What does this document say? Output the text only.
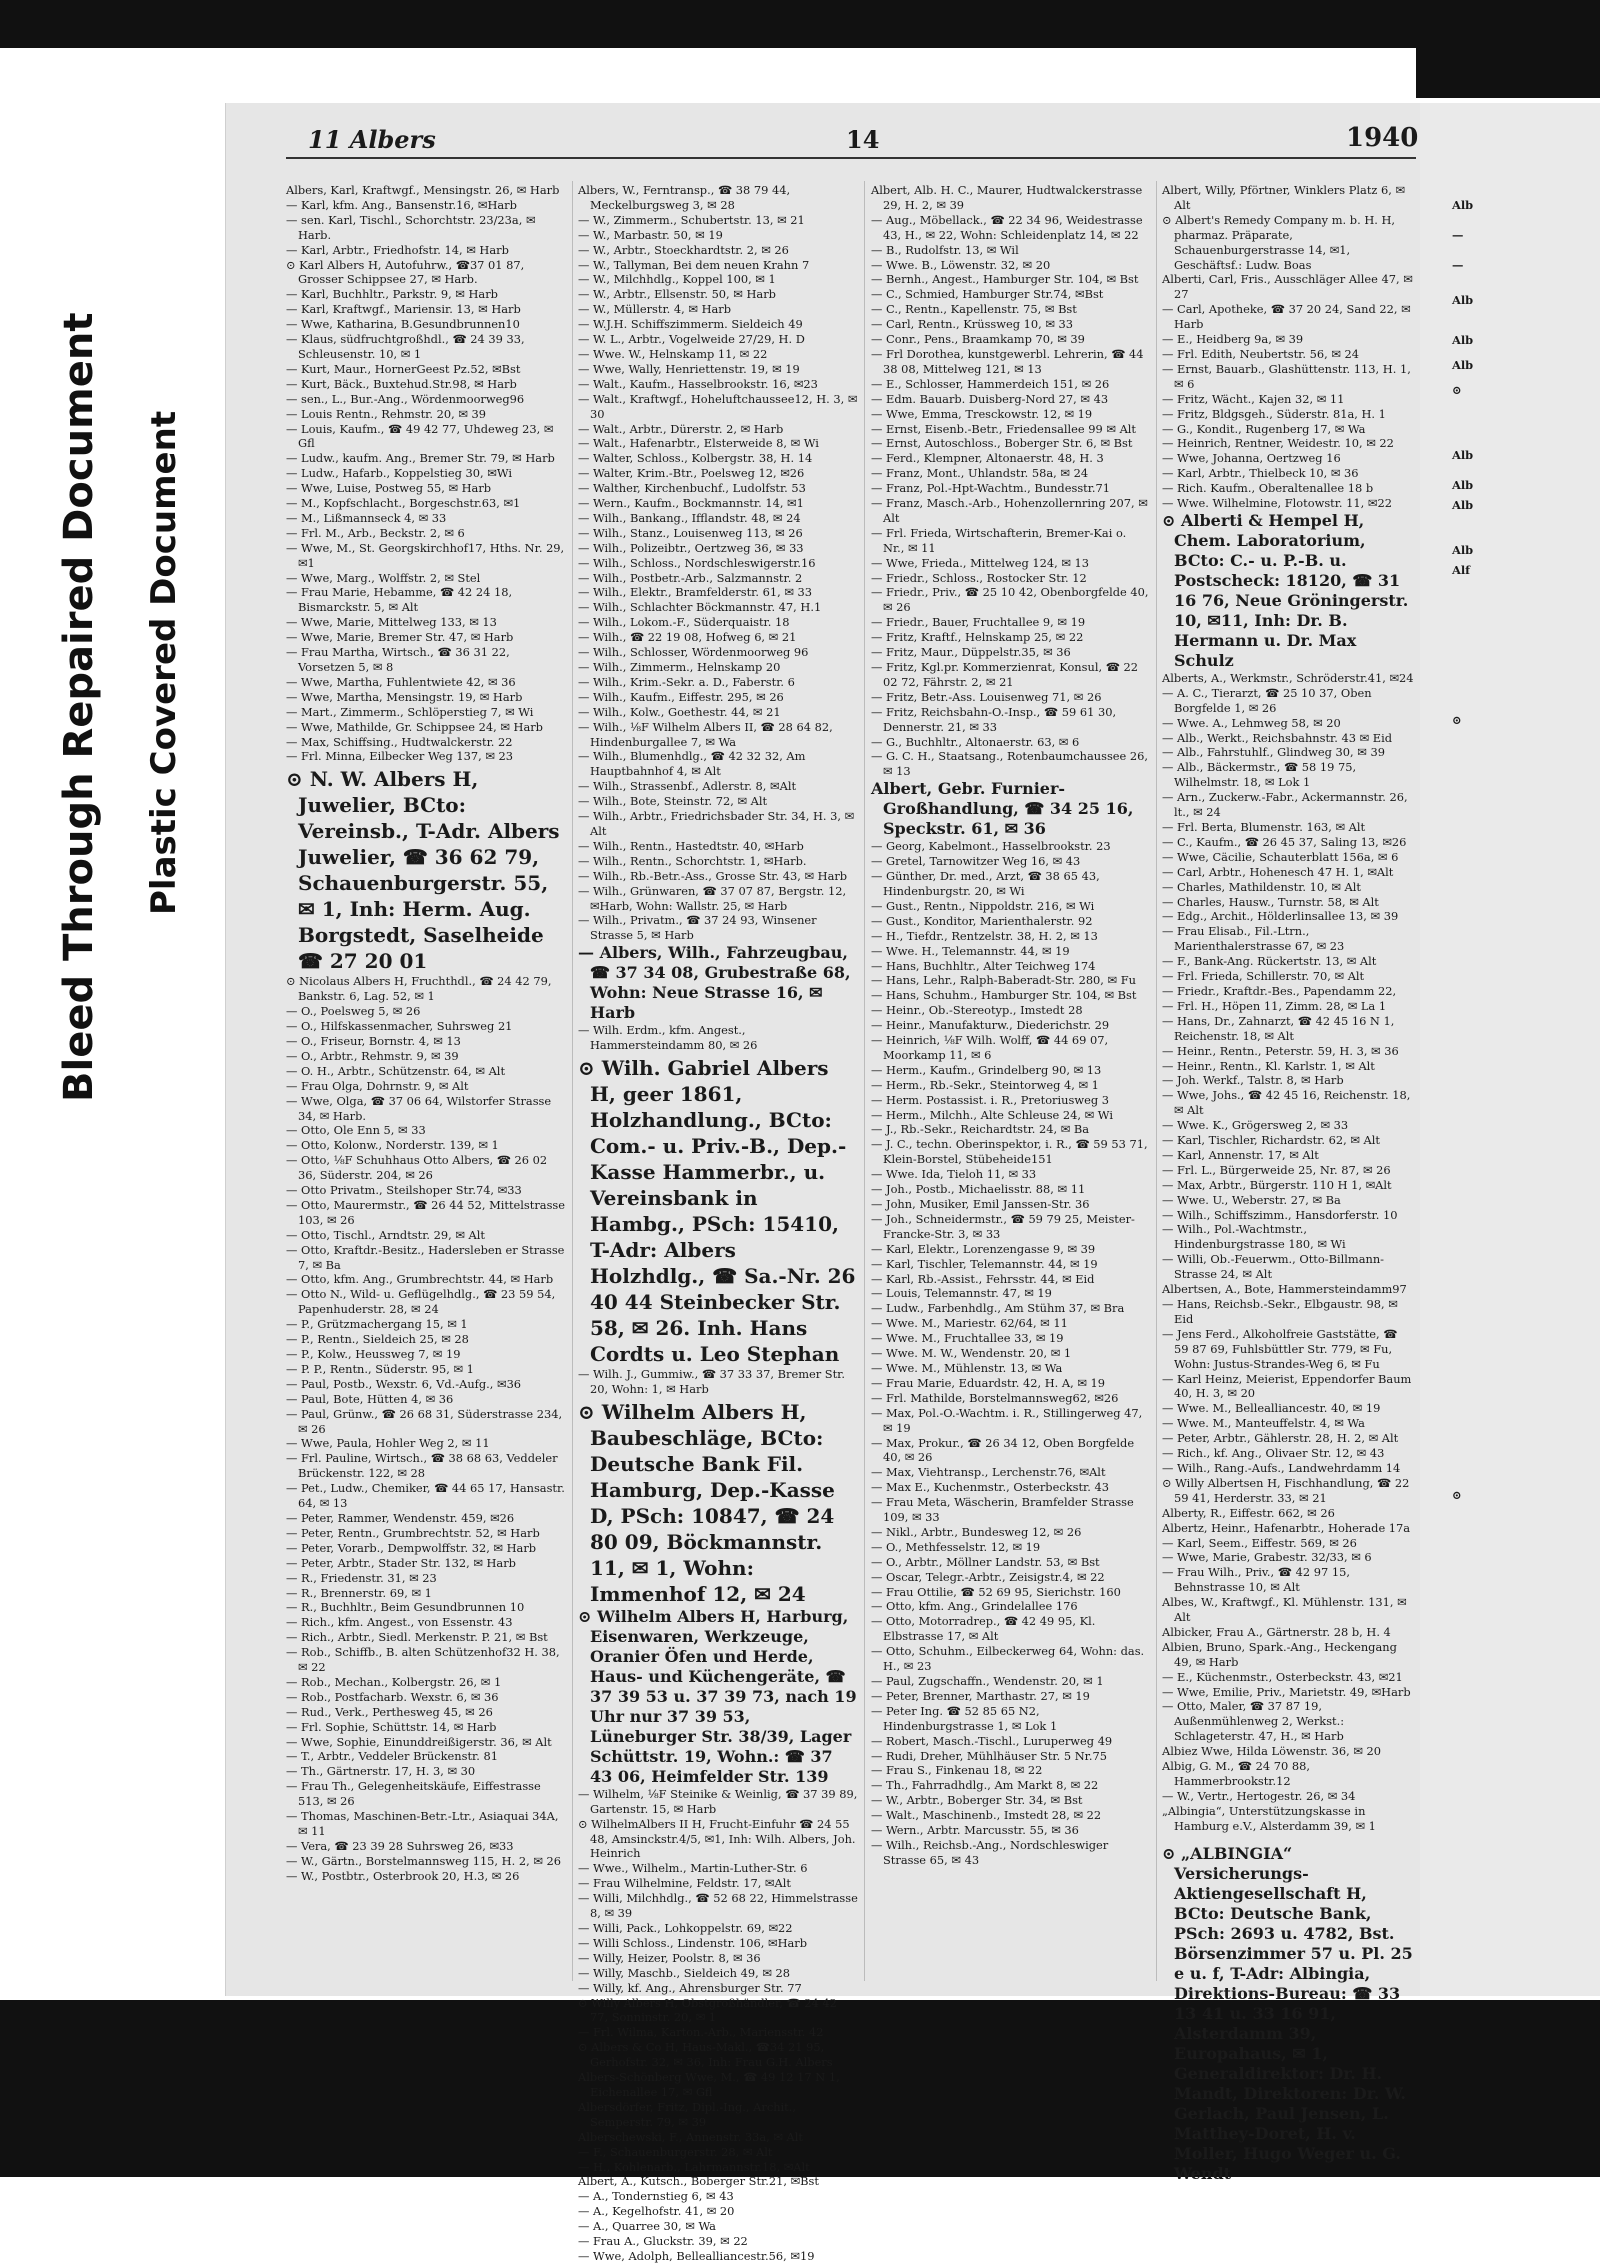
Bleed Through Repaired Document Plastic Covered Document
11 Albers	14	1940

Albers, Karl, Kraftwgf., Mensingstr. 26, ✉ Harb

— Karl, kfm. Ang., Bansenstr.16, ✉Harb

— sen. Karl, Tischl., Schorchtstr. 23/23a, ✉ Harb.

— Karl, Arbtr., Friedhofstr. 14, ✉ Harb

⊙ Karl Albers H, Autofuhrw., ☎37 01 87, Grosser Schippsee 27, ✉ Harb.

— Karl, Buchhltr., Parkstr. 9, ✉ Harb

— Karl, Kraftwgf., Mariensir. 13, ✉ Harb

— Wwe, Katharina, B.Gesundbrunnen10

— Klaus, südfruchtgroßhdl., ☎ 24 39 33, Schleusenstr. 10, ✉ 1

— Kurt, Maur., HornerGeest Pz.52, ✉Bst

— Kurt, Bäck., Buxtehud.Str.98, ✉ Harb

— sen., L., Bur.-Ang., Wördenmoorweg96

— Louis Rentn., Rehmstr. 20, ✉ 39

— Louis, Kaufm., ☎ 49 42 77, Uhdeweg 23, ✉ Gfl

— Ludw., kaufm. Ang., Bremer Str. 79, ✉ Harb

— Ludw., Hafarb., Koppelstieg 30, ✉Wi

— Wwe, Luise, Postweg 55, ✉ Harb

— M., Kopfschlacht., Borgeschstr.63, ✉1

— M., Lißmannseck 4, ✉ 33

— Frl. M., Arb., Beckstr. 2, ✉ 6

— Wwe, M., St. Georgskirchhof17, Hths. Nr. 29, ✉1

— Wwe, Marg., Wolffstr. 2, ✉ Stel

— Frau Marie, Hebamme, ☎ 42 24 18, Bismarckstr. 5, ✉ Alt

— Wwe, Marie, Mittelweg 133, ✉ 13

— Wwe, Marie, Bremer Str. 47, ✉ Harb

— Frau Martha, Wirtsch., ☎ 36 31 22, Vorsetzen 5, ✉ 8

— Wwe, Martha, Fuhlentwiete 42, ✉ 36

— Wwe, Martha, Mensingstr. 19, ✉ Harb

— Mart., Zimmerm., Schlöperstieg 7, ✉ Wi

— Wwe, Mathilde, Gr. Schippsee 24, ✉ Harb

— Max, Schiffsing., Hudtwalckerstr. 22

— Frl. Minna, Eilbecker Weg 137, ✉ 23

⊙ N. W. Albers H, Juwelier, BCto: Vereinsb., T-Adr. Albers Juwelier, ☎ 36 62 79, Schauenburgerstr. 55, ✉ 1, Inh: Herm. Aug. Borgstedt, Saselheide ☎ 27 20 01

⊙ Nicolaus Albers H, Fruchthdl., ☎ 24 42 79, Bankstr. 6, Lag. 52, ✉ 1

— O., Poelsweg 5, ✉ 26

— O., Hilfskassenmacher, Suhrsweg 21

— O., Friseur, Bornstr. 4, ✉ 13

— O., Arbtr., Rehmstr. 9, ✉ 39

— O. H., Arbtr., Schützenstr. 64, ✉ Alt

— Frau Olga, Dohrnstr. 9, ✉ Alt

— Wwe, Olga, ☎ 37 06 64, Wilstorfer Strasse 34, ✉ Harb.

— Otto, Ole Enn 5, ✉ 33

— Otto, Kolonw., Norderstr. 139, ✉ 1

— Otto, ⅛F Schuhhaus Otto Albers, ☎ 26 02 36, Süderstr. 204, ✉ 26

— Otto Privatm., Steilshoper Str.74, ✉33

— Otto, Maurermstr., ☎ 26 44 52, Mittelstrasse 103, ✉ 26

— Otto, Tischl., Arndtstr. 29, ✉ Alt

— Otto, Kraftdr.-Besitz., Hadersleben er Strasse 7, ✉ Ba

— Otto, kfm. Ang., Grumbrechtstr. 44, ✉ Harb

— Otto N., Wild- u. Geflügelhdlg., ☎ 23 59 54, Papenhuderstr. 28, ✉ 24

— P., Grützmachergang 15, ✉ 1

— P., Rentn., Sieldeich 25, ✉ 28

— P., Kolw., Heussweg 7, ✉ 19

— P. P., Rentn., Süderstr. 95, ✉ 1

— Paul, Postb., Wexstr. 6, Vd.-Aufg., ✉36

— Paul, Bote, Hütten 4, ✉ 36

— Paul, Grünw., ☎ 26 68 31, Süderstrasse 234, ✉ 26

— Wwe, Paula, Hohler Weg 2, ✉ 11

— Frl. Pauline, Wirtsch., ☎ 38 68 63, Veddeler Brückenstr. 122, ✉ 28

— Pet., Ludw., Chemiker, ☎ 44 65 17, Hansastr. 64, ✉ 13

— Peter, Rammer, Wendenstr. 459, ✉26

— Peter, Rentn., Grumbrechtstr. 52, ✉ Harb

— Peter, Vorarb., Dempwolffstr. 32, ✉ Harb

— Peter, Arbtr., Stader Str. 132, ✉ Harb

— R., Friedenstr. 31, ✉ 23

— R., Brennerstr. 69, ✉ 1

— R., Buchhltr., Beim Gesundbrunnen 10

— Rich., kfm. Angest., von Essenstr. 43

— Rich., Arbtr., Siedl. Merkenstr. P. 21, ✉ Bst

— Rob., Schiffb., B. alten Schützenhof32 H. 38, ✉ 22

— Rob., Mechan., Kolbergstr. 26, ✉ 1

— Rob., Postfacharb. Wexstr. 6, ✉ 36

— Rud., Verk., Perthesweg 45, ✉ 26

— Frl. Sophie, Schüttstr. 14, ✉ Harb

— Wwe, Sophie, Einunddreißigerstr. 36, ✉ Alt

— T., Arbtr., Veddeler Brückenstr. 81

— Th., Gärtnerstr. 17, H. 3, ✉ 30

— Frau Th., Gelegenheitskäufe, Eiffestrasse 513, ✉ 26

— Thomas, Maschinen-Betr.-Ltr., Asiaquai 34A, ✉ 11

— Vera, ☎ 23 39 28 Suhrsweg 26, ✉33

— W., Gärtn., Borstelmannsweg 115, H. 2, ✉ 26

— W., Postbtr., Osterbrook 20, H.3, ✉ 26

Albers, W., Ferntransp., ☎ 38 79 44, Meckelburgsweg 3, ✉ 28

— W., Zimmerm., Schubertstr. 13, ✉ 21

— W., Marbastr. 50, ✉ 19

— W., Arbtr., Stoeckhardtstr. 2, ✉ 26

— W., Tallyman, Bei dem neuen Krahn 7

— W., Milchhdlg., Koppel 100, ✉ 1

— W., Arbtr., Ellsenstr. 50, ✉ Harb

— W., Müllerstr. 4, ✉ Harb

— W.J.H. Schiffszimmerm. Sieldeich 49

— W. L., Arbtr., Vogelweide 27/29, H. D

— Wwe. W., Helnskamp 11, ✉ 22

— Wwe, Wally, Henriettenstr. 19, ✉ 19

— Walt., Kaufm., Hasselbrookstr. 16, ✉23

— Walt., Kraftwgf., Hoheluftchaussee12, H. 3, ✉ 30

— Walt., Arbtr., Dürerstr. 2, ✉ Harb

— Walt., Hafenarbtr., Elsterweide 8, ✉ Wi

— Walter, Schloss., Kolbergstr. 38, H. 14

— Walter, Krim.-Btr., Poelsweg 12, ✉26

— Walther, Kirchenbuchf., Ludolfstr. 53

— Wern., Kaufm., Bockmannstr. 14, ✉1

— Wilh., Bankang., Ifflandstr. 48, ✉ 24

— Wilh., Stanz., Louisenweg 113, ✉ 26

— Wilh., Polizeibtr., Oertzweg 36, ✉ 33

— Wilh., Schloss., Nordschleswigerstr.16

— Wilh., Postbetr.-Arb., Salzmannstr. 2

— Wilh., Elektr., Bramfelderstr. 61, ✉ 33

— Wilh., Schlachter Böckmannstr. 47, H.1

— Wilh., Lokom.-F., Süderquaistr. 18

— Wilh., ☎ 22 19 08, Hofweg 6, ✉ 21

— Wilh., Schlosser, Wördenmoorweg 96

— Wilh., Zimmerm., Helnskamp 20

— Wilh., Krim.-Sekr. a. D., Faberstr. 6

— Wilh., Kaufm., Eiffestr. 295, ✉ 26

— Wilh., Kolw., Goethestr. 44, ✉ 21

— Wilh., ⅛F Wilhelm Albers II, ☎ 28 64 82, Hindenburgallee 7, ✉ Wa

— Wilh., Blumenhdlg., ☎ 42 32 32, Am Hauptbahnhof 4, ✉ Alt

— Wilh., Strassenbf., Adlerstr. 8, ✉Alt

— Wilh., Bote, Steinstr. 72, ✉ Alt

— Wilh., Arbtr., Friedrichsbader Str. 34, H. 3, ✉ Alt

— Wilh., Rentn., Hastedtstr. 40, ✉Harb

— Wilh., Rentn., Schorchtstr. 1, ✉Harb.

— Wilh., Rb.-Betr.-Ass., Grosse Str. 43, ✉ Harb

— Wilh., Grünwaren, ☎ 37 07 87, Bergstr. 12, ✉Harb, Wohn: Wallstr. 25, ✉ Harb

— Wilh., Privatm., ☎ 37 24 93, Winsener Strasse 5, ✉ Harb

— Albers, Wilh., Fahrzeugbau, ☎ 37 34 08, Grubestraße 68, Wohn: Neue Strasse 16, ✉ Harb

— Wilh. Erdm., kfm. Angest., Hammersteindamm 80, ✉ 26

⊙ Wilh. Gabriel Albers H, geer 1861, Holzhandlung., BCto: Com.- u. Priv.-B., Dep.-Kasse Hammerbr., u. Vereinsbank in Hambg., PSch: 15410, T-Adr: Albers Holzhdlg., ☎ Sa.-Nr. 26 40 44 Steinbecker Str. 58, ✉ 26. Inh. Hans Cordts u. Leo Stephan

— Wilh. J., Gummiw., ☎ 37 33 37, Bremer Str. 20, Wohn: 1, ✉ Harb

⊙ Wilhelm Albers H, Baubeschläge, BCto: Deutsche Bank Fil. Hamburg, Dep.-Kasse D, PSch: 10847, ☎ 24 80 09, Böckmannstr. 11, ✉ 1, Wohn: Immenhof 12, ✉ 24

⊙ Wilhelm Albers H, Harburg, Eisenwaren, Werkzeuge, Oranier Öfen und Herde, Haus- und Küchengeräte, ☎ 37 39 53 u. 37 39 73, nach 19 Uhr nur 37 39 53, Lüneburger Str. 38/39, Lager Schüttstr. 19, Wohn.: ☎ 37 43 06, Heimfelder Str. 139

— Wilhelm, ⅛F Steinike & Weinlig, ☎ 37 39 89, Gartenstr. 15, ✉ Harb

⊙ WilhelmAlbers II H, Frucht-Einfuhr ☎ 24 55 48, Amsinckstr.4/5, ✉1, Inh: Wilh. Albers, Joh. Heinrich

— Wwe., Wilhelm., Martin-Luther-Str. 6

— Frau Wilhelmine, Feldstr. 17, ✉Alt

— Willi, Milchhdlg., ☎ 52 68 22, Himmelstrasse 8, ✉ 39

— Willi, Pack., Lohkoppelstr. 69, ✉22

— Willi Schloss., Lindenstr. 106, ✉Harb

— Willy, Heizer, Poolstr. 8, ✉ 36

— Willy, Maschb., Sieldeich 49, ✉ 28

— Willy, kf. Ang., Ahrensburger Str. 77

⊙ Willy Albers H, Obstgroßhändler, ☎ 24 42 77, Sonninstr. 20, ✉ 1

— Frl. Wilma, Karton.-Arb., Mariensstr. 42

⊙ Albers & Co H, Haus-Makl., ☎34 21 95, Gerhofstr. 32, ✉ 36, Inh: Frau G.H. Albers

Albers-Schönberg Wwe, M., ☎ 49 12 17 N 1, Eichenallee 17, ✉ Gfl

Albersdörfer, Fritz, Dipl.-Ing., Archit., Semperstr. 79, ✉ 39

Alberschewski, F., Annenstr. 33a, ✉ Alt

— F., Schauenburgerstr. 28, ✉ Alt

— H., Kohlenarb., Lahrmannstr.18, ✉Alt

Albert, A., Kutsch., Boberger Str.21, ✉Bst

— A., Tondernstieg 6, ✉ 43

— A., Kegelhofstr. 41, ✉ 20

— A., Quarree 30, ✉ Wa

— Frau A., Gluckstr. 39, ✉ 22

— Wwe, Adolph, Bellealliancestr.56, ✉19

Albert, Alb. H. C., Maurer, Hudtwalckerstrasse 29, H. 2, ✉ 39

— Aug., Möbellack., ☎ 22 34 96, Weidestrasse 43, H., ✉ 22, Wohn: Schleidenplatz 14, ✉ 22

— B., Rudolfstr. 13, ✉ Wil

— Wwe. B., Löwenstr. 32, ✉ 20

— Bernh., Angest., Hamburger Str. 104, ✉ Bst

— C., Schmied, Hamburger Str.74, ✉Bst

— C., Rentn., Kapellenstr. 75, ✉ Bst

— Carl, Rentn., Krüssweg 10, ✉ 33

— Conr., Pens., Braamkamp 70, ✉ 39

— Frl Dorothea, kunstgewerbl. Lehrerin, ☎ 44 38 08, Mittelweg 121, ✉ 13

— E., Schlosser, Hammerdeich 151, ✉ 26

— Edm. Bauarb. Duisberg-Nord 27, ✉ 43

— Wwe, Emma, Tresckowstr. 12, ✉ 19

— Ernst, Eisenb.-Betr., Friedensallee 99 ✉ Alt

— Ernst, Autoschloss., Boberger Str. 6, ✉ Bst

— Ferd., Klempner, Altonaerstr. 48, H. 3

— Franz, Mont., Uhlandstr. 58a, ✉ 24

— Franz, Pol.-Hpt-Wachtm., Bundesstr.71

— Franz, Masch.-Arb., Hohenzollernring 207, ✉ Alt

— Frl. Frieda, Wirtschafterin, Bremer-Kai o. Nr., ✉ 11

— Wwe, Frieda., Mittelweg 124, ✉ 13

— Friedr., Schloss., Rostocker Str. 12

— Friedr., Priv., ☎ 25 10 42, Obenborgfelde 40, ✉ 26

— Friedr., Bauer, Fruchtallee 9, ✉ 19

— Fritz, Kraftf., Helnskamp 25, ✉ 22

— Fritz, Maur., Düppelstr.35, ✉ 36

— Fritz, Kgl.pr. Kommerzienrat, Konsul, ☎ 22 02 72, Fährstr. 2, ✉ 21

— Fritz, Betr.-Ass. Louisenweg 71, ✉ 26

— Fritz, Reichsbahn-O.-Insp., ☎ 59 61 30, Dennerstr. 21, ✉ 33

— G., Buchhltr., Altonaerstr. 63, ✉ 6

— G. C. H., Staatsang., Rotenbaumchaussee 26, ✉ 13

Albert, Gebr. Furnier-Großhandlung, ☎ 34 25 16, Speckstr. 61, ✉ 36

— Georg, Kabelmont., Hasselbrookstr. 23

— Gretel, Tarnowitzer Weg 16, ✉ 43

— Günther, Dr. med., Arzt, ☎ 38 65 43, Hindenburgstr. 20, ✉ Wi

— Gust., Rentn., Nippoldstr. 216, ✉ Wi

— Gust., Konditor, Marienthalerstr. 92

— H., Tiefdr., Rentzelstr. 38, H. 2, ✉ 13

— Wwe. H., Telemannstr. 44, ✉ 19

— Hans, Buchhltr., Alter Teichweg 174

— Hans, Lehr., Ralph-Baberadt-Str. 280, ✉ Fu

— Hans, Schuhm., Hamburger Str. 104, ✉ Bst

— Heinr., Ob.-Stereotyp., Imstedt 28

— Heinr., Manufakturw., Diederichstr. 29

— Heinrich, ⅛F Wilh. Wolff, ☎ 44 69 07, Moorkamp 11, ✉ 6

— Herm., Kaufm., Grindelberg 90, ✉ 13

— Herm., Rb.-Sekr., Steintorweg 4, ✉ 1

— Herm. Postassist. i. R., Pretoriusweg 3

— Herm., Milchh., Alte Schleuse 24, ✉ Wi

— J., Rb.-Sekr., Reichardtstr. 24, ✉ Ba

— J. C., techn. Oberinspektor, i. R., ☎ 59 53 71, Klein-Borstel, Stübeheide151

— Wwe. Ida, Tieloh 11, ✉ 33

— Joh., Postb., Michaelisstr. 88, ✉ 11

— John, Musiker, Emil Janssen-Str. 36

— Joh., Schneidermstr., ☎ 59 79 25, Meister-Francke-Str. 3, ✉ 33

— Karl, Elektr., Lorenzengasse 9, ✉ 39

— Karl, Tischler, Telemannstr. 44, ✉ 19

— Karl, Rb.-Assist., Fehrsstr. 44, ✉ Eid

— Louis, Telemannstr. 47, ✉ 19

— Ludw., Farbenhdlg., Am Stühm 37, ✉ Bra

— Wwe. M., Mariestr. 62/64, ✉ 11

— Wwe. M., Fruchtallee 33, ✉ 19

— Wwe. M. W., Wendenstr. 20, ✉ 1

— Wwe. M., Mühlenstr. 13, ✉ Wa

— Frau Marie, Eduardstr. 42, H. A, ✉ 19

— Frl. Mathilde, Borstelmannsweg62, ✉26

— Max, Pol.-O.-Wachtm. i. R., Stillingerweg 47, ✉ 19

— Max, Prokur., ☎ 26 34 12, Oben Borgfelde 40, ✉ 26

— Max, Viehtransp., Lerchenstr.76, ✉Alt

— Max E., Kuchenmstr., Osterbeckstr. 43

— Frau Meta, Wäscherin, Bramfelder Strasse 109, ✉ 33

— Nikl., Arbtr., Bundesweg 12, ✉ 26

— O., Methfesselstr. 12, ✉ 19

— O., Arbtr., Möllner Landstr. 53, ✉ Bst

— Oscar, Telegr.-Arbtr., Zeisigstr.4, ✉ 22

— Frau Ottilie, ☎ 52 69 95, Sierichstr. 160

— Otto, kfm. Ang., Grindelallee 176

— Otto, Motorradrep., ☎ 42 49 95, Kl. Elbstrasse 17, ✉ Alt

— Otto, Schuhm., Eilbeckerweg 64, Wohn: das. H., ✉ 23

— Paul, Zugschaffn., Wendenstr. 20, ✉ 1

— Peter, Brenner, Marthastr. 27, ✉ 19

— Peter Ing. ☎ 52 85 65 N2, Hindenburgstrasse 1, ✉ Lok 1

— Robert, Masch.-Tischl., Luruperweg 49

— Rudi, Dreher, Mühlhäuser Str. 5 Nr.75

— Frau S., Finkenau 18, ✉ 22

— Th., Fahrradhdlg., Am Markt 8, ✉ 22

— W., Arbtr., Boberger Str. 34, ✉ Bst

— Walt., Maschinenb., Imstedt 28, ✉ 22

— Wern., Arbtr. Marcusstr. 55, ✉ 36

— Wilh., Reichsb.-Ang., Nordschleswiger Strasse 65, ✉ 43

Albert, Willy, Pförtner, Winklers Platz 6, ✉ Alt

⊙ Albert's Remedy Company m. b. H. H, pharmaz. Präparate, Schauenburgerstrasse 14, ✉1, Geschäftsf.: Ludw. Boas

Alberti, Carl, Fris., Ausschläger Allee 47, ✉ 27

— Carl, Apotheke, ☎ 37 20 24, Sand 22, ✉ Harb

— E., Heidberg 9a, ✉ 39

— Frl. Edith, Neubertstr. 56, ✉ 24

— Ernst, Bauarb., Glashüttenstr. 113, H. 1, ✉ 6

— Fritz, Wächt., Kajen 32, ✉ 11

— Fritz, Bldgsgeh., Süderstr. 81a, H. 1

— G., Kondit., Rugenberg 17, ✉ Wa

— Heinrich, Rentner, Weidestr. 10, ✉ 22

— Wwe, Johanna, Oertzweg 16

— Karl, Arbtr., Thielbeck 10, ✉ 36

— Rich. Kaufm., Oberaltenallee 18 b

— Wwe. Wilhelmine, Flotowstr. 11, ✉22

⊙ Alberti & Hempel H, Chem. Laboratorium, BCto: C.- u. P.-B. u. Postscheck: 18120, ☎ 31 16 76, Neue Gröningerstr. 10, ✉11, Inh: Dr. B. Hermann u. Dr. Max Schulz

Alberts, A., Werkmstr., Schröderstr.41, ✉24

— A. C., Tierarzt, ☎ 25 10 37, Oben Borgfelde 1, ✉ 26

— Wwe. A., Lehmweg 58, ✉ 20

— Alb., Werkt., Reichsbahnstr. 43 ✉ Eid

— Alb., Fahrstuhlf., Glindweg 30, ✉ 39

— Alb., Bäckermstr., ☎ 58 19 75, Wilhelmstr. 18, ✉ Lok 1

— Arn., Zuckerw.-Fabr., Ackermannstr. 26, lt., ✉ 24

— Frl. Berta, Blumenstr. 163, ✉ Alt

— C., Kaufm., ☎ 26 45 37, Saling 13, ✉26

— Wwe, Cäcilie, Schauterblatt 156a, ✉ 6

— Carl, Arbtr., Hohenesch 47 H. 1, ✉Alt

— Charles, Mathildenstr. 10, ✉ Alt

— Charles, Hausw., Turnstr. 58, ✉ Alt

— Edg., Archit., Hölderlinsallee 13, ✉ 39

— Frau Elisab., Fil.-Ltrn., Marienthalerstrasse 67, ✉ 23

— F., Bank-Ang. Rückertstr. 13, ✉ Alt

— Frl. Frieda, Schillerstr. 70, ✉ Alt

— Friedr., Kraftdr.-Bes., Papendamm 22,

— Frl. H., Höpen 11, Zimm. 28, ✉ La 1

— Hans, Dr., Zahnarzt, ☎ 42 45 16 N 1, Reichenstr. 18, ✉ Alt

— Heinr., Rentn., Peterstr. 59, H. 3, ✉ 36

— Heinr., Rentn., Kl. Karlstr. 1, ✉ Alt

— Joh. Werkf., Talstr. 8, ✉ Harb

— Wwe, Johs., ☎ 42 45 16, Reichenstr. 18, ✉ Alt

— Wwe. K., Grögersweg 2, ✉ 33

— Karl, Tischler, Richardstr. 62, ✉ Alt

— Karl, Annenstr. 17, ✉ Alt

— Frl. L., Bürgerweide 25, Nr. 87, ✉ 26

— Max, Arbtr., Bürgerstr. 110 H 1, ✉Alt

— Wwe. U., Weberstr. 27, ✉ Ba

— Wilh., Schiffszimm., Hansdorferstr. 10

— Wilh., Pol.-Wachtmstr., Hindenburgstrasse 180, ✉ Wi

— Willi, Ob.-Feuerwm., Otto-Billmann-Strasse 24, ✉ Alt

Albertsen, A., Bote, Hammersteindamm97

— Hans, Reichsb.-Sekr., Elbgaustr. 98, ✉ Eid

— Jens Ferd., Alkoholfreie Gaststätte, ☎ 59 87 69, Fuhlsbüttler Str. 779, ✉ Fu, Wohn: Justus-Strandes-Weg 6, ✉ Fu

— Karl Heinz, Meierist, Eppendorfer Baum 40, H. 3, ✉ 20

— Wwe. M., Bellealliancestr. 40, ✉ 19

— Wwe. M., Manteuffelstr. 4, ✉ Wa

— Peter, Arbtr., Gählerstr. 28, H. 2, ✉ Alt

— Rich., kf. Ang., Olivaer Str. 12, ✉ 43

— Wilh., Rang.-Aufs., Landwehrdamm 14

⊙ Willy Albertsen H, Fischhandlung, ☎ 22 59 41, Herderstr. 33, ✉ 21

Alberty, R., Eiffestr. 662, ✉ 26

Albertz, Heinr., Hafenarbtr., Hoherade 17a

— Karl, Seem., Eiffestr. 569, ✉ 26

— Wwe, Marie, Grabestr. 32/33, ✉ 6

— Frau Wilh., Priv., ☎ 42 97 15, Behnstrasse 10, ✉ Alt

Albes, W., Kraftwgf., Kl. Mühlenstr. 131, ✉ Alt

Albicker, Frau A., Gärtnerstr. 28 b, H. 4

Albien, Bruno, Spark.-Ang., Heckengang 49, ✉ Harb

— E., Küchenmstr., Osterbeckstr. 43, ✉21

— Wwe, Emilie, Priv., Marietstr. 49, ✉Harb

— Otto, Maler, ☎ 37 87 19, Außenmühlenweg 2, Werkst.: Schlageterstr. 47, H., ✉ Harb

Albiez Wwe, Hilda Löwenstr. 36, ✉ 20

Albig, G. M., ☎ 24 70 88, Hammerbrookstr.12

— W., Vertr., Hertogestr. 26, ✉ 34

„Albingia“, Unterstützungskasse in Hamburg e.V., Alsterdamm 39, ✉ 1

⊙ „ALBINGIA“ Versicherungs-Aktiengesellschaft H, BCto: Deutsche Bank, PSch: 2693 u. 4782, Bst. Börsenzimmer 57 u. Pl. 25 e u. f, T-Adr: Albingia, Direktions-Bureau: ☎ 33 13 41 u. 33 16 91, Alsterdamm 39, Europahaus, ✉ 1, Generaldirektor: Dr. H. Mandt, Direktoren: Dr. W. Gerlach, Paul Jensen, L. Matthey-Doret, H. v. Moller, Hugo Weger u. G. Wendt

Alb
—
—
Alb
Alb
Alb
⊙
Alb
Alb
Alb
Alb
Alf
⊙
⊙
